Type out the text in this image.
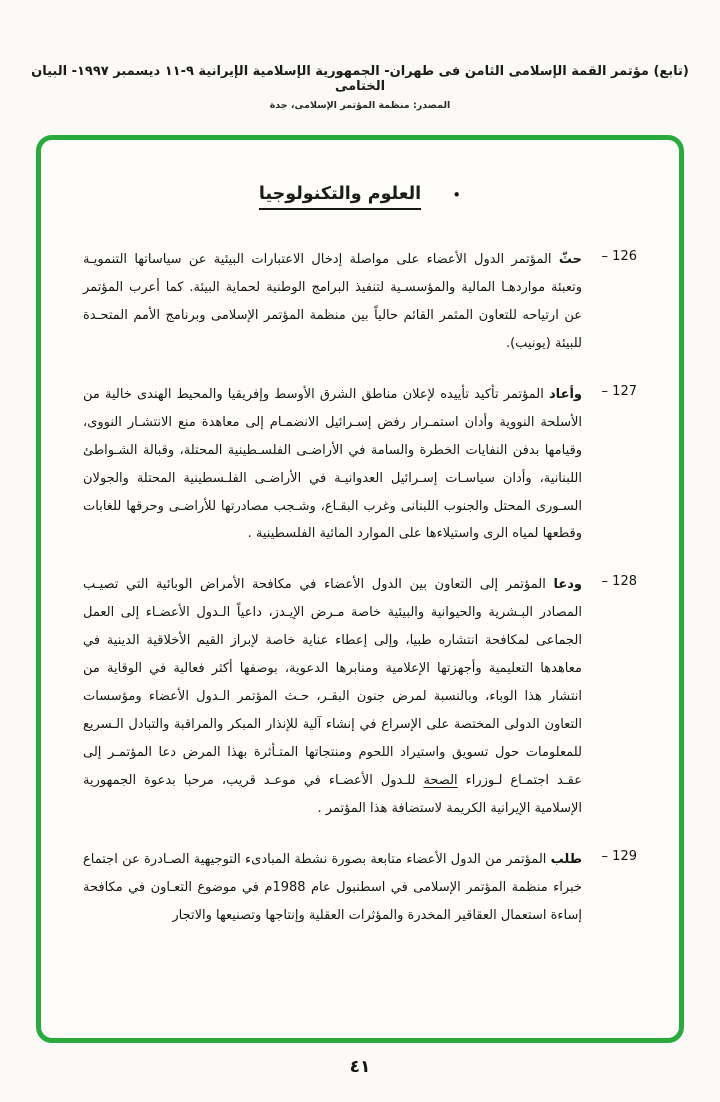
(تابع) مؤتمر القمة الإسلامى الثامن فى طهران- الجمهورية الإسلامية الإيرانية ٩-١١ ديسمبر ١٩٩٧- البيان الختامى
المصدر: منظمة المؤتمر الإسلامى، جدة
• العلوم والتكنولوجيا
126 –
حثّ المؤتمر الدول الأعضاء على مواصلة إدخال الاعتبارات البيئية عن سياساتها التنمويـة وتعبئة مواردهـا المالية والمؤسسـية لتنفيذ البرامج الوطنية لحماية البيئة. كما أعرب المؤتمر عن ارتياحه للتعاون المثمر القائم حالياً بين منظمة المؤتمر الإسلامى وبرنامج الأمم المتحـدة للبيئة (يونيب).
127 –
وأعاد المؤتمر تأكيد تأييده لإعلان مناطق الشرق الأوسط وإفريقيا والمحيط الهندى خالية من الأسلحة النووية وأدان استمـرار رفض إسـرائيل الانضمـام إلى معاهدة منع الانتشـار النووى، وقيامها بدفن النفايات الخطرة والسامة في الأراضـى الفلسـطينية المحتلة، وقبالة الشـواطئ اللبنانية، وأدان سياسـات إسـرائيل العدوانيـة في الأراضـى الفلـسطينية المحتلة والجولان السـورى المحتل والجنوب اللبنانى وغرب البقـاع، وشـجب مصادرتها للأراضـى وحرقها للغابات وقطعها لمياه الرى واستيلاءها على الموارد المائية الفلسطينية .
128 –
ودعا المؤتمر إلى التعاون بين الدول الأعضاء في مكافحة الأمراض الوبائية التي تصيـب المصادر البـشرية والحيوانية والبيئية خاصة مـرض الإيـدز، داعياً الـدول الأعضـاء إلى العمل الجماعى لمكافحة انتشاره طبيا، وإلى إعطاء عناية خاصة لإبراز القيم الأخلاقية الدينية في معاهدها التعليمية وأجهزتها الإعلامية ومنابرها الدعوية، بوصفها أكثر فعالية في الوقاية من انتشار هذا الوباء، وبالنسبة لمرض جنون البقـر، حـث المؤتمر الـدول الأعضاء ومؤسسات التعاون الدولى المختصة على الإسراع في إنشاء آلية للإنذار المبكر والمراقبة والتبادل الـسريع للمعلومات حول تسويق واستيراد اللحوم ومنتجاتها المتـأثرة بهذا المرض دعا المؤتمـر إلى عقـد اجتمـاع لـوزراء الصحة للـدول الأعضـاء في موعـد قريب، مرحبا بدعوة الجمهورية الإسلامية الإيرانية الكريمة لاستضافة هذا المؤتمر .
129 –
طلب المؤتمر من الدول الأعضاء متابعة بصورة نشطة المبادىء التوجيهية الصـادرة عن اجتماع خبراء منظمة المؤتمر الإسلامى في اسطنبول عام 1988م في موضوع التعـاون في مكافحة إساءة استعمال العقاقير المخدرة والمؤثرات العقلية وإنتاجها وتصنيعها والاتجار
٤١
